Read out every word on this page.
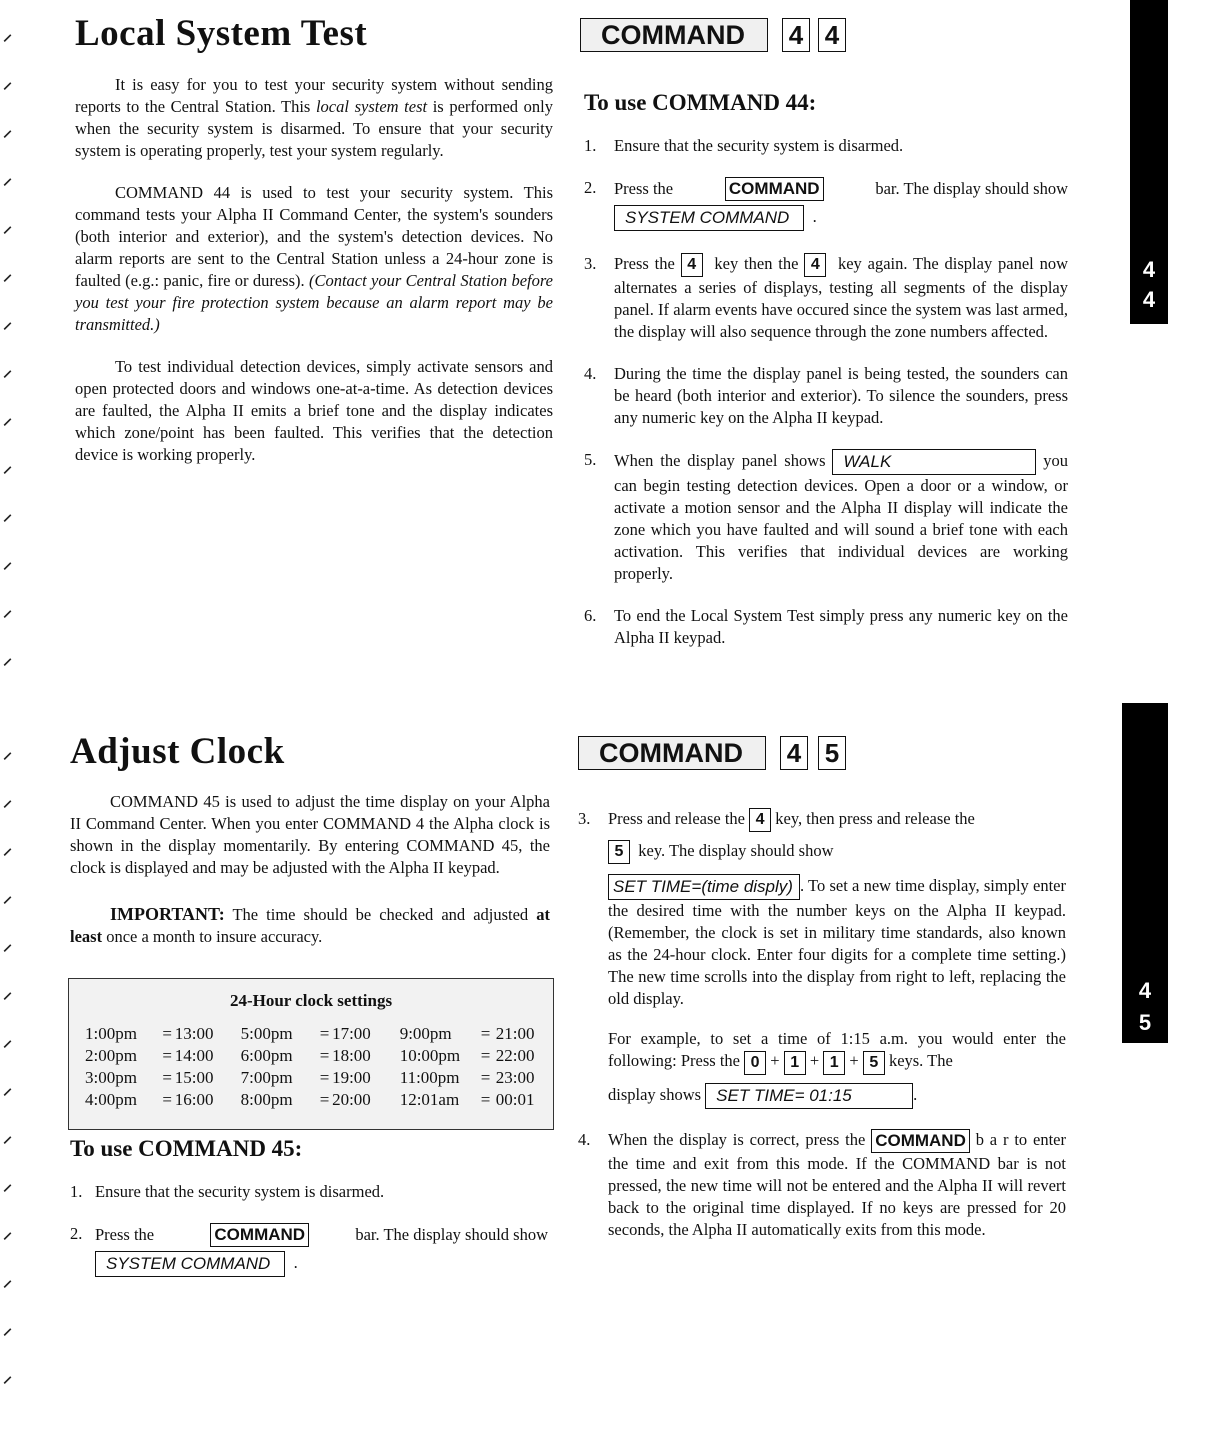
⸝
⸝
⸝
⸝
⸝
⸝
⸝
⸝
⸝
⸝
⸝
⸝
⸝
⸝
⸝
⸝
⸝
⸝
⸝
⸝
⸝
⸝
⸝
⸝
⸝
⸝
⸝
⸝
Local System Test

It is easy for you to test your security system without sending reports to the Central Station. This local system test is performed only when the security system is disarmed. To ensure that your security system is operating properly, test your system regularly.

COMMAND 44 is used to test your security system. This command tests your Alpha II Command Center, the system's sounders (both interior and exterior), and the system's detection devices. No alarm reports are sent to the Central Station unless a 24-hour zone is faulted (e.g.: panic, fire or duress). (Contact your Central Station before you test your fire protection system because an alarm report may be transmitted.)

To test individual detection devices, simply activate sensors and open protected doors and windows one-at-a-time. As detection devices are faulted, the Alpha II emits a brief tone and the display indicates which zone/point has been faulted. This verifies that the detection device is working properly.

COMMAND 4 4
To use COMMAND 44:
1. Ensure that the security system is disarmed.
2. Press the	COMMAND	bar. The display should show
SYSTEM COMMAND .
3. Press the 4 key then the 4 key again. The display panel now alternates a series of displays, testing all segments of the display panel. If alarm events have occured since the system was last armed, the display will also sequence through the zone numbers affected.
4. During the time the display panel is being tested, the sounders can be heard (both interior and exterior). To silence the sounders, press any numeric key on the Alpha II keypad.
5. When the display panel shows WALK	you can begin testing detection devices. Open a door or a window, or activate a motion sensor and the Alpha II display will indicate the zone which you have faulted and will sound a brief tone with each activation. This verifies that individual devices are working properly.
6. To end the Local System Test simply press any numeric key on the Alpha II keypad.
4
4
Adjust Clock

COMMAND 45 is used to adjust the time display on your Alpha II Command Center. When you enter COMMAND 4 the Alpha clock is shown in the display momentarily. By entering COMMAND 45, the clock is displayed and may be adjusted with the Alpha II keypad.

IMPORTANT: The time should be checked and adjusted at least once a month to insure accuracy.

24-Hour clock settings
1:00pm	=	13:00	5:00pm	=	17:00	9:00pm	=	21:00
2:00pm	=	14:00	6:00pm	=	18:00	10:00pm	=	22:00
3:00pm	=	15:00	7:00pm	=	19:00	11:00pm	=	23:00
4:00pm	=	16:00	8:00pm	=	20:00	12:01am	=	00:01
To use COMMAND 45:
1. Ensure that the security system is disarmed.
2. Press the	COMMAND	bar. The display should show
SYSTEM COMMAND .
COMMAND 4 5
3. Press and release the 4 key, then press and release the
5 key. The display should show
SET TIME=(time disply) . To set a new time display, simply enter the desired time with the number keys on the Alpha II keypad. (Remember, the clock is set in military time standards, also known as the 24-hour clock. Enter four digits for a complete time setting.) The new time scrolls into the display from right to left, replacing the old display.
For example, to set a time of 1:15 a.m. you would enter the following: Press the 0 + 1 + 1 + 5 keys. The
display shows SET TIME= 01:15	.
4. When the display is correct, press the COMMAND b a r to enter the time and exit from this mode. If the COMMAND bar is not pressed, the new time will not be entered and the Alpha II will revert back to the original time displayed. If no keys are pressed for 20 seconds, the Alpha II automatically exits from this mode.
4
5
